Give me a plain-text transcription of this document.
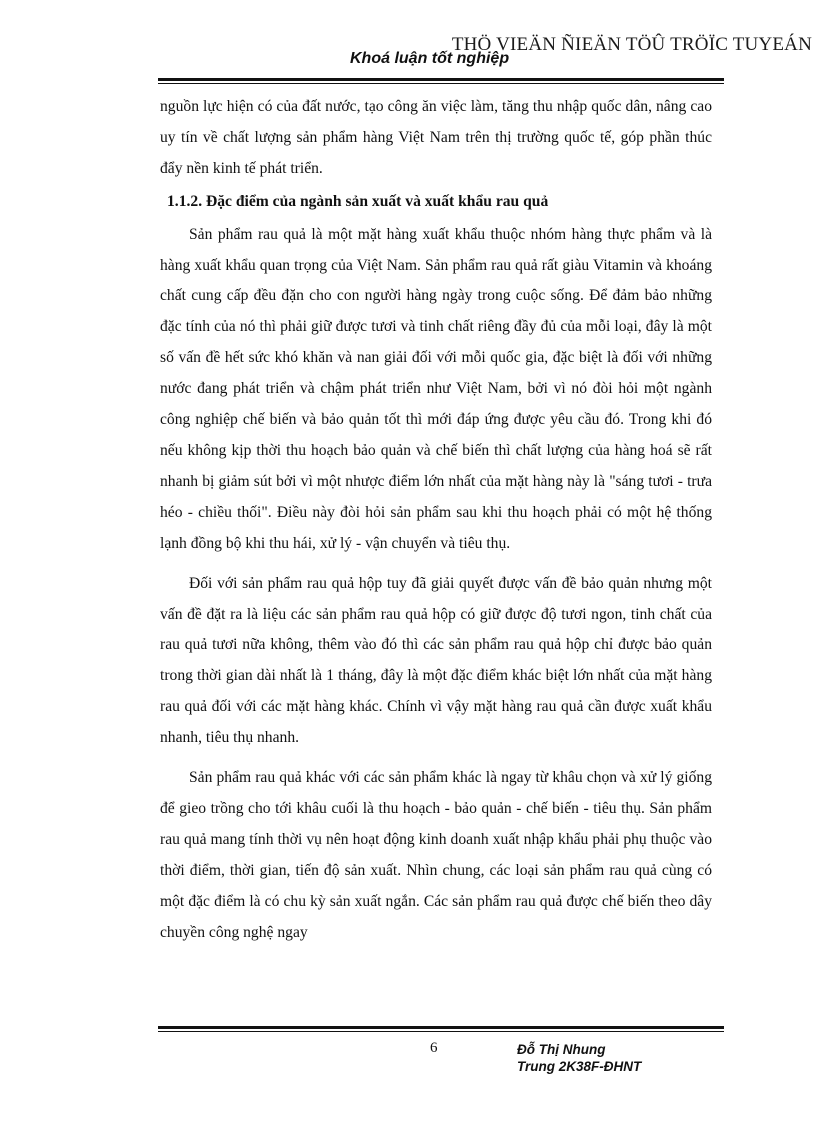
THÖ VIEÄN ÑIEÄN TÖÛ TRÖÏC TUYEÁN
Khoá luận tốt nghiệp

nguồn lực hiện có của đất nước, tạo công ăn việc làm, tăng thu nhập quốc dân, nâng cao uy tín về chất lượng sản phẩm hàng Việt Nam trên thị trường quốc tế, góp phần thúc đẩy nền kinh tế phát triển.

1.1.2. Đặc điểm của ngành sản xuất và xuất khẩu rau quả

Sản phẩm rau quả là một mặt hàng xuất khẩu thuộc nhóm hàng thực phẩm và là hàng xuất khẩu quan trọng của Việt Nam. Sản phẩm rau quả rất giàu Vitamin và khoáng chất cung cấp đều đặn cho con người hàng ngày trong cuộc sống. Để đảm bảo những đặc tính của nó thì phải giữ được tươi và tinh chất riêng đầy đủ của mỗi loại, đây là một số vấn đề hết sức khó khăn và nan giải đối với mỗi quốc gia, đặc biệt là đối với những nước đang phát triển và chậm phát triển như Việt Nam, bởi vì nó đòi hỏi một ngành công nghiệp chế biến và bảo quản tốt thì mới đáp ứng được yêu cầu đó. Trong khi đó nếu không kịp thời thu hoạch bảo quản và chế biến thì chất lượng của hàng hoá sẽ rất nhanh bị giảm sút bởi vì một nhược điểm lớn nhất của mặt hàng này là "sáng tươi - trưa héo - chiều thối". Điều này đòi hỏi sản phẩm sau khi thu hoạch phải có một hệ thống lạnh đồng bộ khi thu hái, xử lý - vận chuyển và tiêu thụ.

Đối với sản phẩm rau quả hộp tuy đã giải quyết được vấn đề bảo quản nhưng một vấn đề đặt ra là liệu các sản phẩm rau quả hộp có giữ được độ tươi ngon, tinh chất của rau quả tươi nữa không, thêm vào đó thì các sản phẩm rau quả hộp chỉ được bảo quản trong thời gian dài nhất là 1 tháng, đây là một đặc điểm khác biệt lớn nhất của mặt hàng rau quả đối với các mặt hàng khác. Chính vì vậy mặt hàng rau quả cần được xuất khẩu nhanh, tiêu thụ nhanh.

Sản phẩm rau quả khác với các sản phẩm khác là ngay từ khâu chọn và xử lý giống để gieo trồng cho tới khâu cuối là thu hoạch - bảo quản - chế biến - tiêu thụ. Sản phẩm rau quả mang tính thời vụ nên hoạt động kinh doanh xuất nhập khẩu phải phụ thuộc vào thời điểm, thời gian, tiến độ sản xuất. Nhìn chung, các loại sản phẩm rau quả cùng có một đặc điểm là có chu kỳ sản xuất ngắn. Các sản phẩm rau quả được chế biến theo dây chuyền công nghệ ngay

6	Đỗ Thị Nhung
Trung 2K38F-ĐHNT
